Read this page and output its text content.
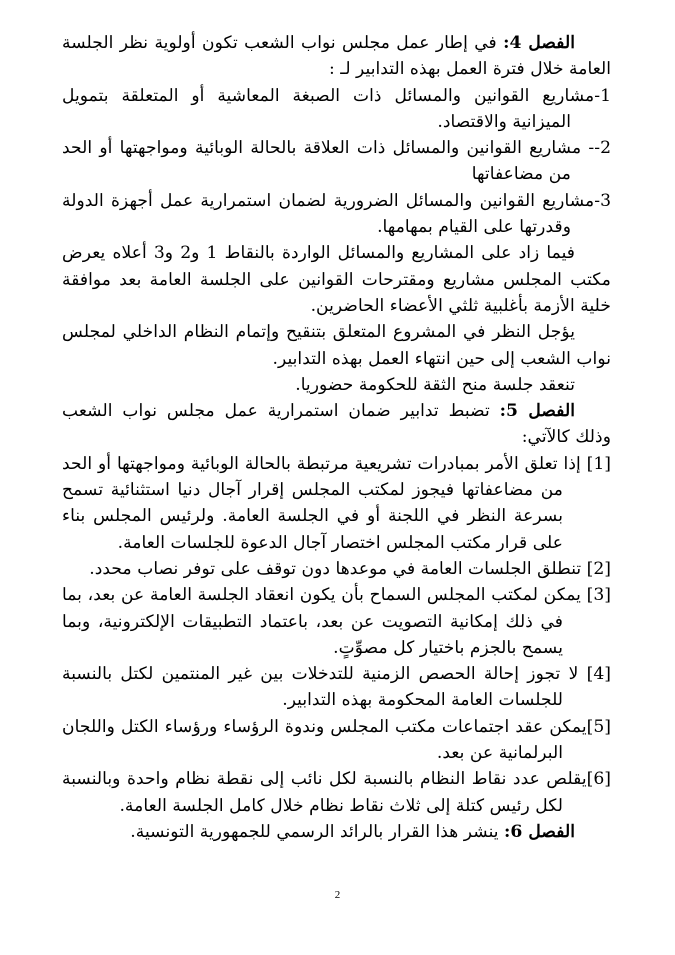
الفصل 4: في إطار عمل مجلس نواب الشعب تكون أولوية نظر الجلسة العامة خلال فترة العمل بهذه التدابير لـ :

1-مشاريع القوانين والمسائل ذات الصبغة المعاشية أو المتعلقة بتمويل الميزانية والاقتصاد.

2-- مشاريع القوانين والمسائل ذات العلاقة بالحالة الوبائية ومواجهتها أو الحد من مضاعفاتها

3-مشاريع القوانين والمسائل الضرورية لضمان استمرارية عمل أجهزة الدولة وقدرتها على القيام بمهامها.

فيما زاد على المشاريع والمسائل الواردة بالنقاط 1 و2 و3 أعلاه يعرض مكتب المجلس مشاريع ومقترحات القوانين على الجلسة العامة بعد موافقة خلية الأزمة بأغلبية ثلثي الأعضاء الحاضرين.

يؤجل النظر في المشروع المتعلق بتنقيح وإتمام النظام الداخلي لمجلس نواب الشعب إلى حين انتهاء العمل بهذه التدابير.

تنعقد جلسة منح الثقة للحكومة حضوريا.

الفصل 5: تضبط تدابير ضمان استمرارية عمل مجلس نواب الشعب وذلك كالآتي:

[1] إذا تعلق الأمر بمبادرات تشريعية مرتبطة بالحالة الوبائية ومواجهتها أو الحد من مضاعفاتها فيجوز لمكتب المجلس إقرار آجال دنيا استثنائية تسمح بسرعة النظر في اللجنة أو في الجلسة العامة. ولرئيس المجلس بناء على قرار مكتب المجلس اختصار آجال الدعوة للجلسات العامة.

[2] تنطلق الجلسات العامة في موعدها دون توقف على توفر نصاب محدد.

[3] يمكن لمكتب المجلس السماح بأن يكون انعقاد الجلسة العامة عن بعد، بما في ذلك إمكانية التصويت عن بعد، باعتماد التطبيقات الإلكترونية، وبما يسمح بالجزم باختيار كل مصوِّتٍ.

[4] لا تجوز إحالة الحصص الزمنية للتدخلات بين غير المنتمين لكتل بالنسبة للجلسات العامة المحكومة بهذه التدابير.

[5]يمكن عقد اجتماعات مكتب المجلس وندوة الرؤساء ورؤساء الكتل واللجان البرلمانية عن بعد.

[6]يقلص عدد نقاط النظام بالنسبة لكل نائب إلى نقطة نظام واحدة وبالنسبة لكل رئيس كتلة إلى ثلاث نقاط نظام خلال كامل الجلسة العامة.

الفصل 6: ينشر هذا القرار بالرائد الرسمي للجمهورية التونسية.

2
